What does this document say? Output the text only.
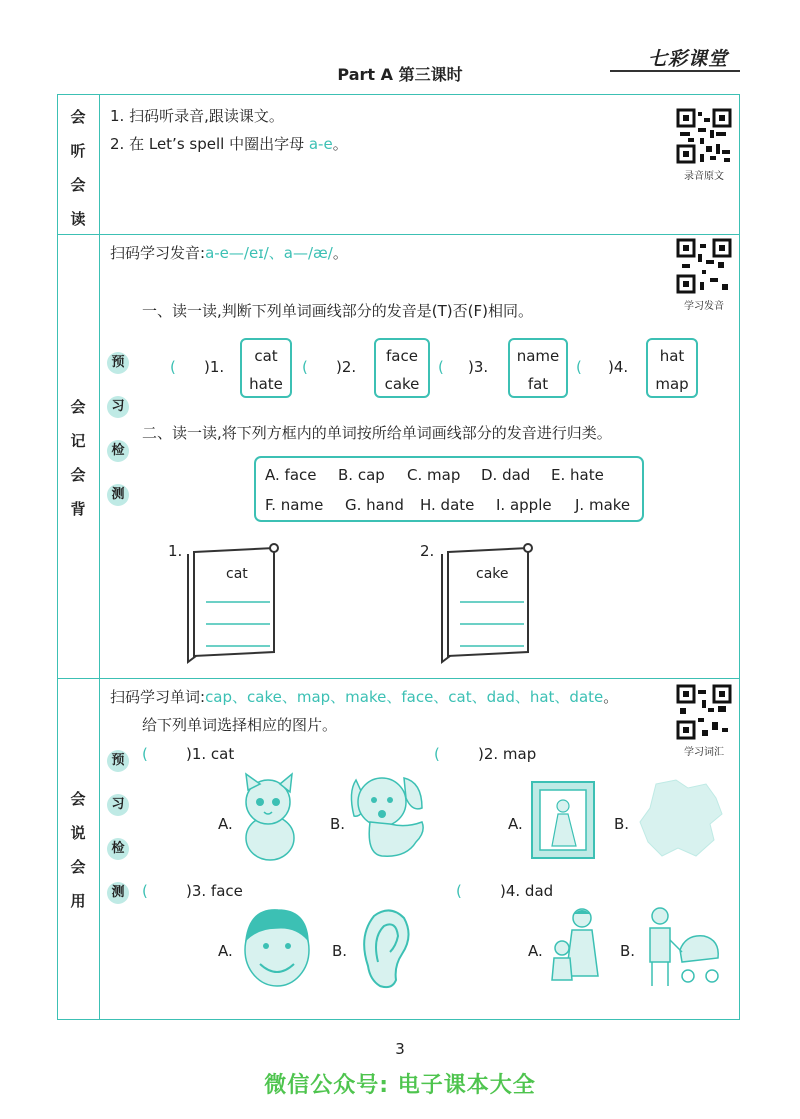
Part A 第三课时
七彩课堂
会
听
会
读
1. 扫码听录音,跟读课文。
2. 在 Let’s spell 中圈出字母 a-e。
录音原文
会
记
会
背
扫码学习发音:a-e—/eɪ/、a—/æ/。
学习发音
一、读一读,判断下列单词画线部分的发音是(T)否(F)相同。
预
习
检
测
( )1.
cat
hate
( )2.
face
cake
( )3.
name
fat
( )4.
hat
map
二、读一读,将下列方框内的单词按所给单词画线部分的发音进行归类。
A. face B. cap C. map D. dad E. hate
F. name G. hand H. date I. apple J. make
1.
cat
2.
cake
会
说
会
用
扫码学习单词:cap、cake、map、make、face、cat、dad、hat、date。
给下列单词选择相应的图片。
学习词汇
预
习
检
测
(	)1. cat
A.	B.
(	)2. map
A.	B.
(	)3. face
A.	B.
(	)4. dad
A.	B.
3
微信公众号: 电子课本大全
